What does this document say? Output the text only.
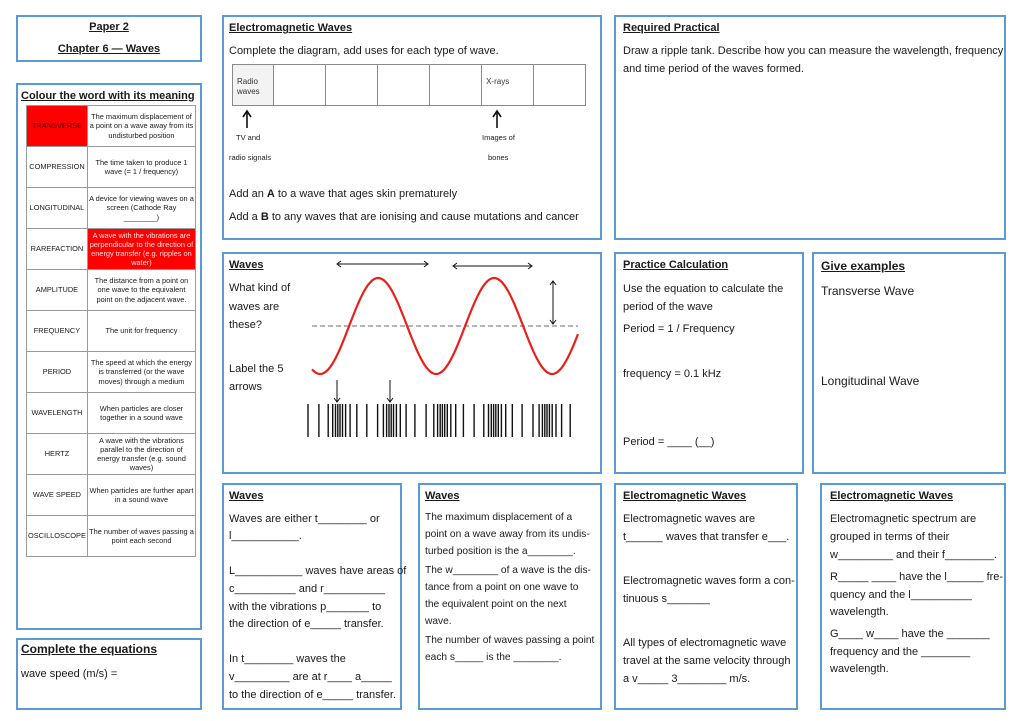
Paper 2
Chapter 6 — Waves
Colour the word with its meaning
TRANSVERSE	The maximum displacement of a point on a wave away from its undisturbed position
COMPRESSION	The time taken to produce 1 wave (= 1 / frequency)
LONGITUDINAL	A device for viewing waves on a screen (Cathode Ray ________)
RAREFACTION	A wave with the vibrations are perpendicular to the direction of energy transfer (e.g. ripples on water)
AMPLITUDE	The distance from a point on one wave to the equivalent point on the adjacent wave.
FREQUENCY	The unit for frequency
PERIOD	The speed at which the energy is transferred (or the wave moves) through a medium
WAVELENGTH	When particles are closer together in a sound wave
HERTZ	A wave with the vibrations parallel to the direction of energy transfer (e.g. sound waves)
WAVE SPEED	When particles are further apart in a sound wave
OSCILLOSCOPE	The number of waves passing a point each second
Complete the equations
wave speed (m/s) =
Electromagnetic Waves
Complete the diagram, add uses for each type of wave.
TV and
radio signals
Images of
bones
Add an A to a wave that ages skin prematurely
Add a B to any waves that are ionising and cause mutations and cancer
Radio waves
X-rays
Required Practical
Draw a ripple tank. Describe how you can measure the wavelength, frequency
and time period of the waves formed.
Waves
What kind of
waves are
these?
Label the 5
arrows
Practice Calculation
Use the equation to calculate the
period of the wave
Period = 1 / Frequency
frequency = 0.1 kHz
Period = ____ (__)
Give examples
Transverse Wave
Longitudinal Wave
Waves
Waves are either t________ or
l___________.
L___________ waves have areas of
c__________ and r__________
with the vibrations p_______ to
the direction of e_____ transfer.
In t________ waves the
v_________ are at r____ a_____
to the direction of e_____ transfer.
Waves
The maximum displacement of a
point on a wave away from its undis-
turbed position is the a________.
The w________ of a wave is the dis-
tance from a point on one wave to
the equivalent point on the next
wave.
The number of waves passing a point
each s_____ is the ________.
Electromagnetic Waves
Electromagnetic waves are
t______ waves that transfer e___.
Electromagnetic waves form a con-
tinuous s_______
All types of electromagnetic wave
travel at the same velocity through
a v_____ 3________ m/s.
Electromagnetic Waves
Electromagnetic spectrum are
grouped in terms of their
w_________ and their f________.
R_____ ____ have the l______ fre-
quency and the l__________
wavelength.
G____ w____ have the _______
frequency and the ________
wavelength.
